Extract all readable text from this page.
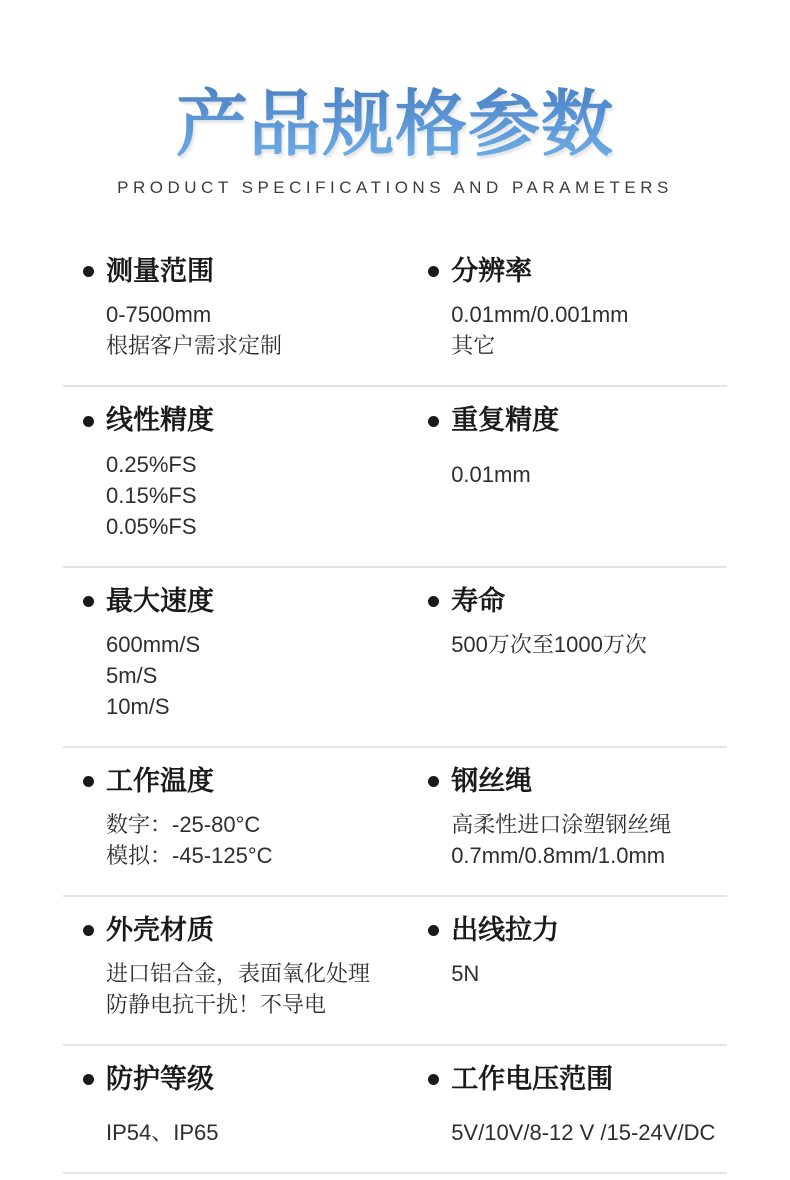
产品规格参数
PRODUCT SPECIFICATIONS AND PARAMETERS
测量范围
0-7500mm
根据客户需求定制
分辨率
0.01mm/0.001mm
其它
线性精度
0.25%FS
0.15%FS
0.05%FS
重复精度
0.01mm
最大速度
600mm/S
5m/S
10m/S
寿命
500万次至1000万次
工作温度
数字：-25-80°C
模拟：-45-125°C
钢丝绳
高柔性进口涂塑钢丝绳
0.7mm/0.8mm/1.0mm
外壳材质
进口铝合金，表面氧化处理
防静电抗干扰！不导电
出线拉力
5N
防护等级
IP54、IP65
工作电压范围
5V/10V/8-12 V /15-24V/DC
